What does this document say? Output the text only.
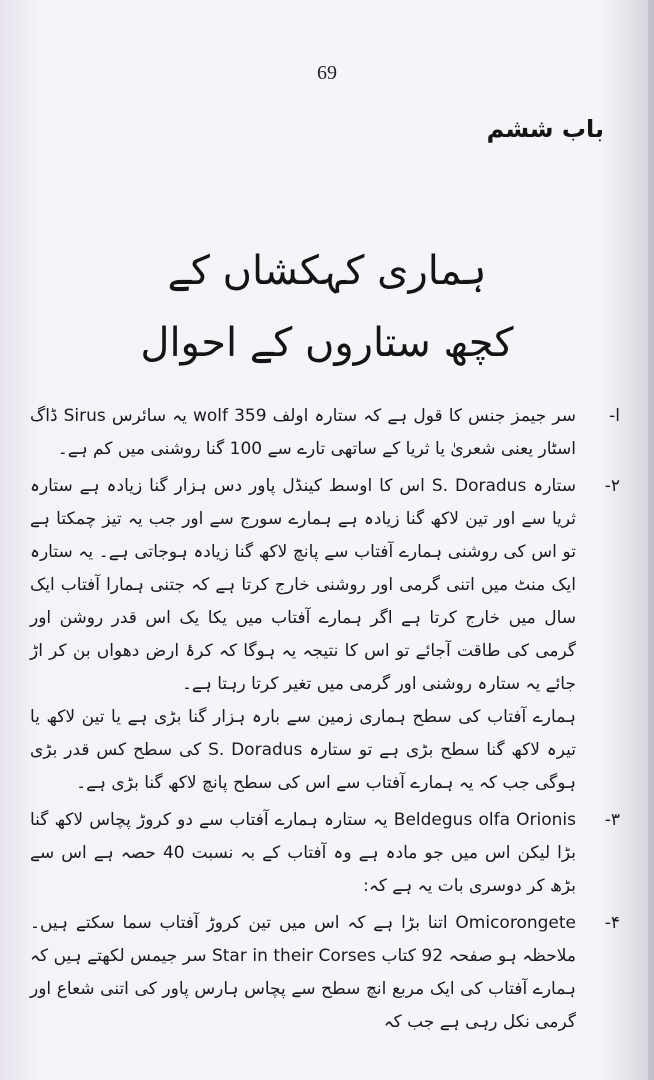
69
باب ششم
ہماری کہکشاں کے
کچھ ستاروں کے احوال
ا-
سر جیمز جنس کا قول ہے کہ ستارہ اولف 359 wolf یہ سائرس Sirus ڈاگ اسٹار یعنی شعریٰ یا ثریا کے ساتھی تارے سے 100 گنا روشنی میں کم ہے۔
۲-
ستارہ S. Doradus اس کا اوسط کینڈل پاور دس ہزار گنا زیادہ ہے ستارہ ثریا سے اور تین لاکھ گنا زیادہ ہے ہمارے سورج سے اور جب یہ تیز چمکتا ہے تو اس کی روشنی ہمارے آفتاب سے پانچ لاکھ گنا زیادہ ہوجاتی ہے۔ یہ ستارہ ایک منٹ میں اتنی گرمی اور روشنی خارج کرتا ہے کہ جتنی ہمارا آفتاب ایک سال میں خارج کرتا ہے اگر ہمارے آفتاب میں یکا یک اس قدر روشن اور گرمی کی طاقت آجائے تو اس کا نتیجہ یہ ہوگا کہ کرۂ ارض دھواں بن کر اڑ جائے یہ ستارہ روشنی اور گرمی میں تغیر کرتا رہتا ہے۔
ہمارے آفتاب کی سطح ہماری زمین سے بارہ ہزار گنا بڑی ہے یا تین لاکھ یا تیرہ لاکھ گنا سطح بڑی ہے تو ستارہ S. Doradus کی سطح کس قدر بڑی ہوگی جب کہ یہ ہمارے آفتاب سے اس کی سطح پانچ لاکھ گنا بڑی ہے۔
۳-
Beldegus olfa Orionis یہ ستارہ ہمارے آفتاب سے دو کروڑ پچاس لاکھ گنا بڑا لیکن اس میں جو مادہ ہے وہ آفتاب کے بہ نسبت 40 حصہ ہے اس سے بڑھ کر دوسری بات یہ ہے کہ:
۴-
Omicorongete اتنا بڑا ہے کہ اس میں تین کروڑ آفتاب سما سکتے ہیں۔ ملاحظہ ہو صفحہ 92 کتاب Star in their Corses سر جیمس لکھتے ہیں کہ ہمارے آفتاب کی ایک مربع انچ سطح سے پچاس ہارس پاور کی اتنی شعاع اور گرمی نکل رہی ہے جب کہ
